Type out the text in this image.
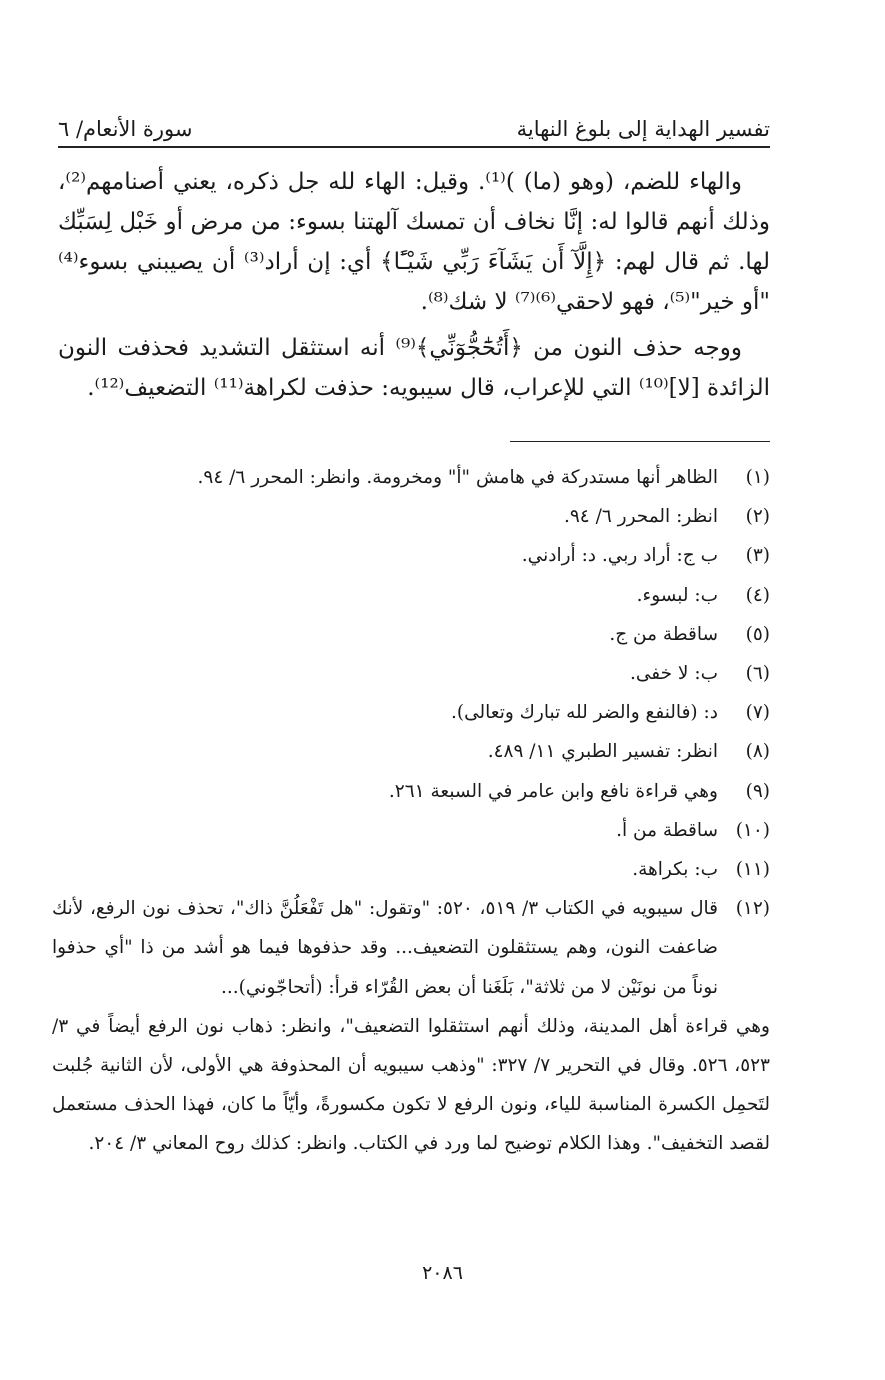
تفسير الهداية إلى بلوغ النهاية
سورة الأنعام/ ٦

والهاء للضم، (وهو (ما) )⁽¹⁾. وقيل: الهاء لله جل ذكره، يعني أصنامهم⁽²⁾، وذلك أنهم قالوا له: إنَّا نخاف أن تمسك آلهتنا بسوء: من مرض أو خَبْل لِسَبِّك لها. ثم قال لهم: ﴿إِلَّآ أَن يَشَآءَ رَبِّي شَيْـًٔا﴾ أي: إن أراد⁽³⁾ أن يصيبني بسوء⁽⁴⁾ "أو خير"⁽⁵⁾، فهو لاحقي⁽⁶⁾⁽⁷⁾ لا شك⁽⁸⁾.

ووجه حذف النون من ﴿أَتُحَٰٓجُّوٓنِّي﴾⁽⁹⁾ أنه استثقل التشديد فحذفت النون الزائدة [لا]⁽¹⁰⁾ التي للإعراب، قال سيبويه: حذفت لكراهة⁽¹¹⁾ التضعيف⁽¹²⁾.

(١)
الظاهر أنها مستدركة في هامش "أ" ومخرومة. وانظر: المحرر ٦/ ٩٤.
(٢)
انظر: المحرر ٦/ ٩٤.
(٣)
ب ج: أراد ربي. د: أرادني.
(٤)
ب: لبسوء.
(٥)
ساقطة من ج.
(٦)
ب: لا خفى.
(٧)
د: (فالنفع والضر لله تبارك وتعالى).
(٨)
انظر: تفسير الطبري ١١/ ٤٨٩.
(٩)
وهي قراءة نافع وابن عامر في السبعة ٢٦١.
(١٠)
ساقطة من أ.
(١١)
ب: بكراهة.
(١٢)
قال سيبويه في الكتاب ٣/ ٥١٩، ٥٢٠: "وتقول: "هل تَفْعَلُنَّ ذاك"، تحذف نون الرفع، لأنك ضاعفت النون، وهم يستثقلون التضعيف... وقد حذفوها فيما هو أشد من ذا "أي حذفوا نوناً من نونَيْن لا من ثلاثة"، بَلَغَنا أن بعض القُرّاء قرأ: (أتحاجّوني)...
وهي قراءة أهل المدينة، وذلك أنهم استثقلوا التضعيف"، وانظر: ذهاب نون الرفع أيضاً في ٣/ ٥٢٣، ٥٢٦. وقال في التحرير ٧/ ٣٢٧: "وذهب سيبويه أن المحذوفة هي الأولى، لأن الثانية جُلبت لتَحمِل الكسرة المناسبة للياء، ونون الرفع لا تكون مكسورةً، وأيّاً ما كان، فهذا الحذف مستعمل لقصد التخفيف". وهذا الكلام توضيح لما ورد في الكتاب. وانظر: كذلك روح المعاني ٣/ ٢٠٤.
٢٠٨٦
